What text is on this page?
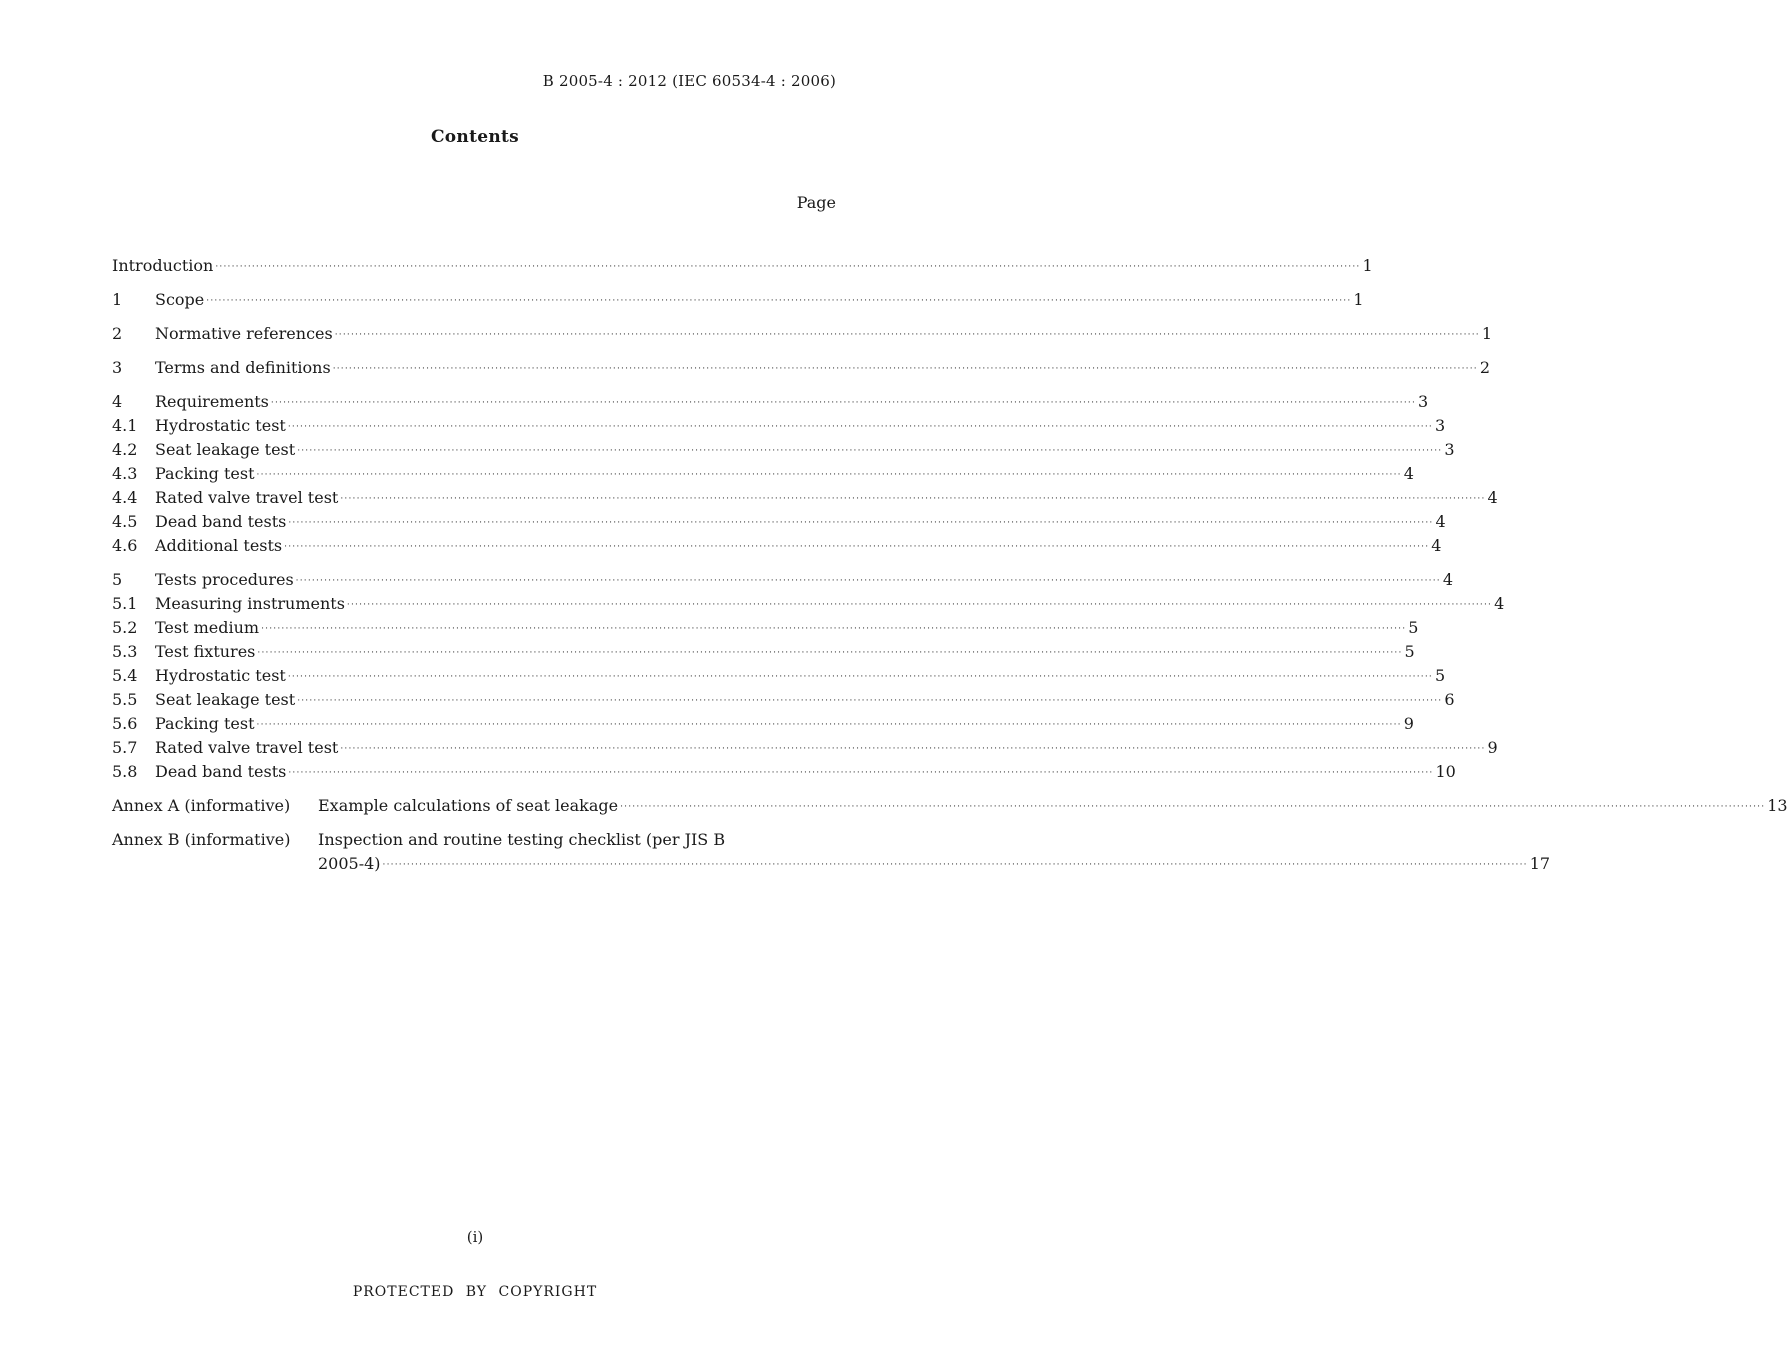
B 2005-4 : 2012 (IEC 60534-4 : 2006)
Contents
Page
Introduction ·····	1
1	Scope ·····	1
2	Normative references ·····	1
3	Terms and definitions ·····	2
4	Requirements ·····	3
4.1	Hydrostatic test ·····	3
4.2	Seat leakage test ·····	3
4.3	Packing test ·····	4
4.4	Rated valve travel test ·····	4
4.5	Dead band tests ·····	4
4.6	Additional tests ·····	4
5	Tests procedures ·····	4
5.1	Measuring instruments ·····	4
5.2	Test medium ·····	5
5.3	Test fixtures ·····	5
5.4	Hydrostatic test ·····	5
5.5	Seat leakage test ·····	6
5.6	Packing test ·····	9
5.7	Rated valve travel test ·····	9
5.8	Dead band tests ·····	10
Annex A (informative)	Example calculations of seat leakage ·····	13
Annex B (informative)	Inspection and routine testing checklist (per JIS B
2005-4) ·····	17
(i)
PROTECTED BY COPYRIGHT
